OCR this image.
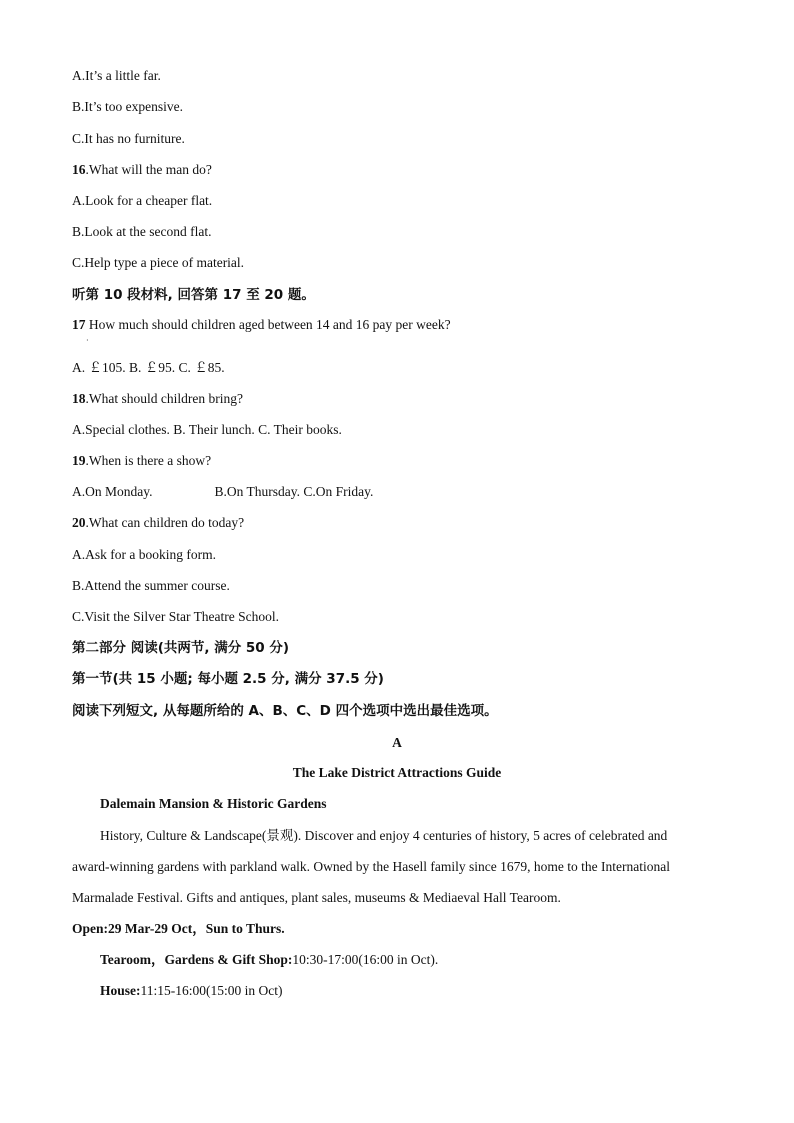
A.It’s a little far.
B.It’s too expensive.
C.It has no furniture.
16.What will the man do?
A.Look for a cheaper flat.
B.Look at the second flat.
C.Help type a piece of material.
听第 10 段材料, 回答第 17 至 20 题。
17 How much should children aged between 14 and 16 pay per week?
·
A. ￡105. B. ￡95. C. ￡85.
18.What should children bring?
A.Special clothes. B. Their lunch. C. Their books.
19.When is there a show?
A.On Monday.	B.On Thursday. C.On Friday.
20.What can children do today?
A.Ask for a booking form.
B.Attend the summer course.
C.Visit the Silver Star Theatre School.
第二部分 阅读(共两节, 满分 50 分)
第一节(共 15 小题; 每小题 2.5 分, 满分 37.5 分)
阅读下列短文, 从每题所给的 A、B、C、D 四个选项中选出最佳选项。
A
The Lake District Attractions Guide
Dalemain Mansion & Historic Gardens
History, Culture & Landscape(景观). Discover and enjoy 4 centuries of history, 5 acres of celebrated and
award-winning gardens with parkland walk. Owned by the Hasell family since 1679, home to the International
Marmalade Festival. Gifts and antiques, plant sales, museums & Mediaeval Hall Tearoom.
Open:29 Mar-29 Oct，Sun to Thurs.
Tearoom，Gardens & Gift Shop:10:30-17:00(16:00 in Oct).
House:11:15-16:00(15:00 in Oct)
